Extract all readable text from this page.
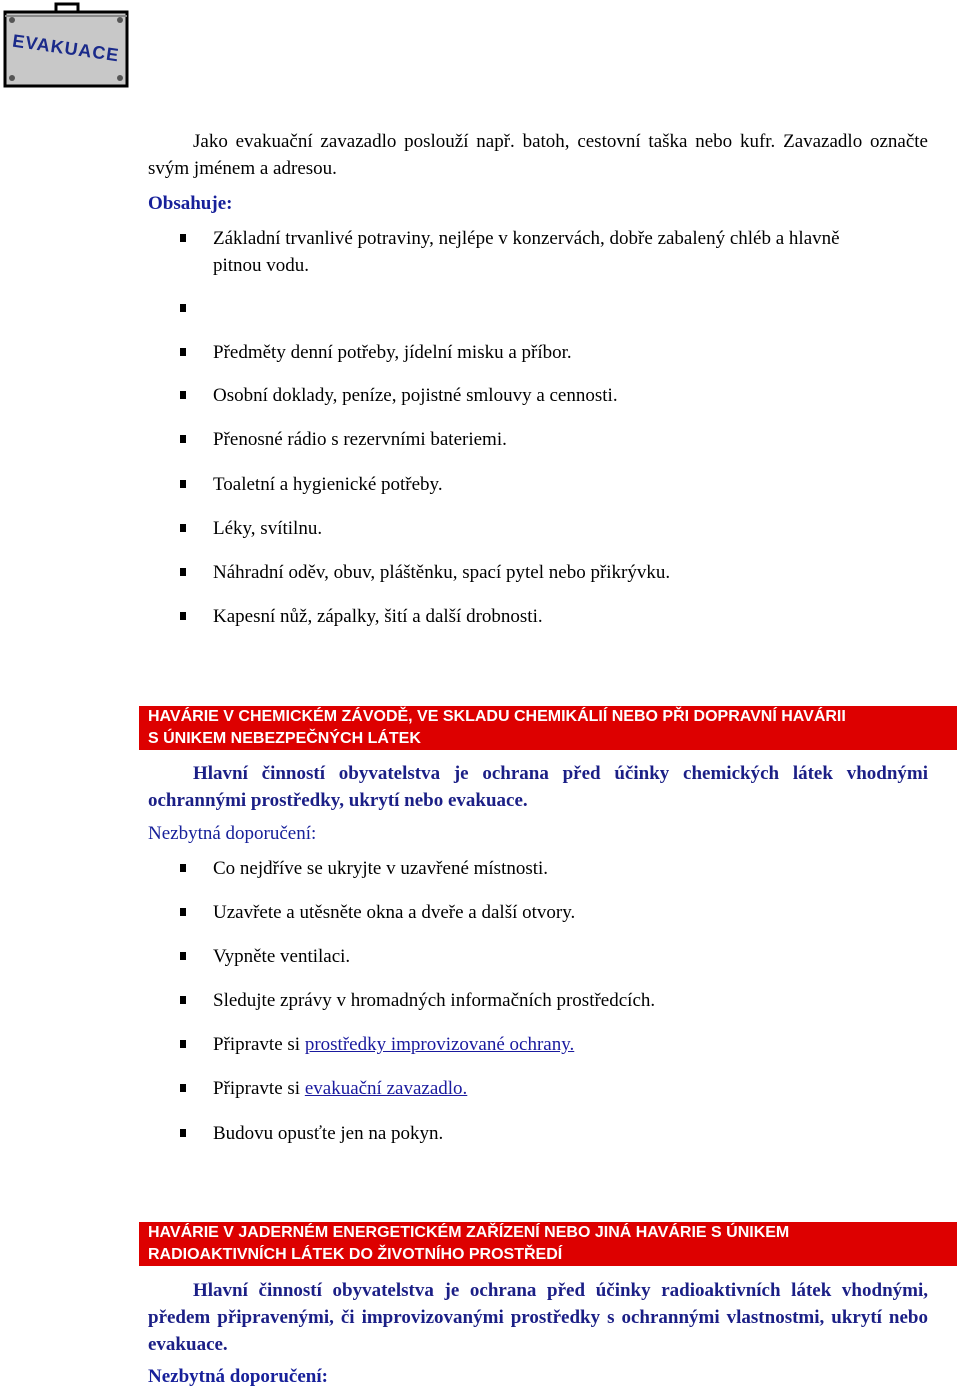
EVAKUACE

Jako evakuační zavazadlo poslouží např. batoh, cestovní taška nebo kufr. Zavazadlo označte svým jménem a adresou.

Obsahuje:

Základní trvanlivé potraviny, nejlépe v konzervách, dobře zabalený chléb a hlavně pitnou vodu.
Předměty denní potřeby, jídelní misku a příbor.
Osobní doklady, peníze, pojistné smlouvy a cennosti.
Přenosné rádio s rezervními bateriemi.
Toaletní a hygienické potřeby.
Léky, svítilnu.
Náhradní oděv, obuv, pláštěnku, spací pytel nebo přikrývku.
Kapesní nůž, zápalky, šití a další drobnosti.
HAVÁRIE V CHEMICKÉM ZÁVODĚ, VE SKLADU CHEMIKÁLIÍ NEBO PŘI DOPRAVNÍ HAVÁRII
S ÚNIKEM NEBEZPEČNÝCH LÁTEK

Hlavní činností obyvatelstva je ochrana před účinky chemických látek vhodnými ochrannými prostředky, ukrytí nebo evakuace.

Nezbytná doporučení:

Co nejdříve se ukryjte v uzavřené místnosti.
Uzavřete a utěsněte okna a dveře a další otvory.
Vypněte ventilaci.
Sledujte zprávy v hromadných informačních prostředcích.
Připravte si prostředky improvizované ochrany.
Připravte si evakuační zavazadlo.
Budovu opusťte jen na pokyn.
HAVÁRIE V JADERNÉM ENERGETICKÉM ZAŘÍZENÍ NEBO JINÁ HAVÁRIE S ÚNIKEM
RADIOAKTIVNÍCH LÁTEK DO ŽIVOTNÍHO PROSTŘEDÍ

Hlavní činností obyvatelstva je ochrana před účinky radioaktivních látek vhodnými, předem připravenými, či improvizovanými prostředky s ochrannými vlastnostmi, ukrytí nebo evakuace.

Nezbytná doporučení:
